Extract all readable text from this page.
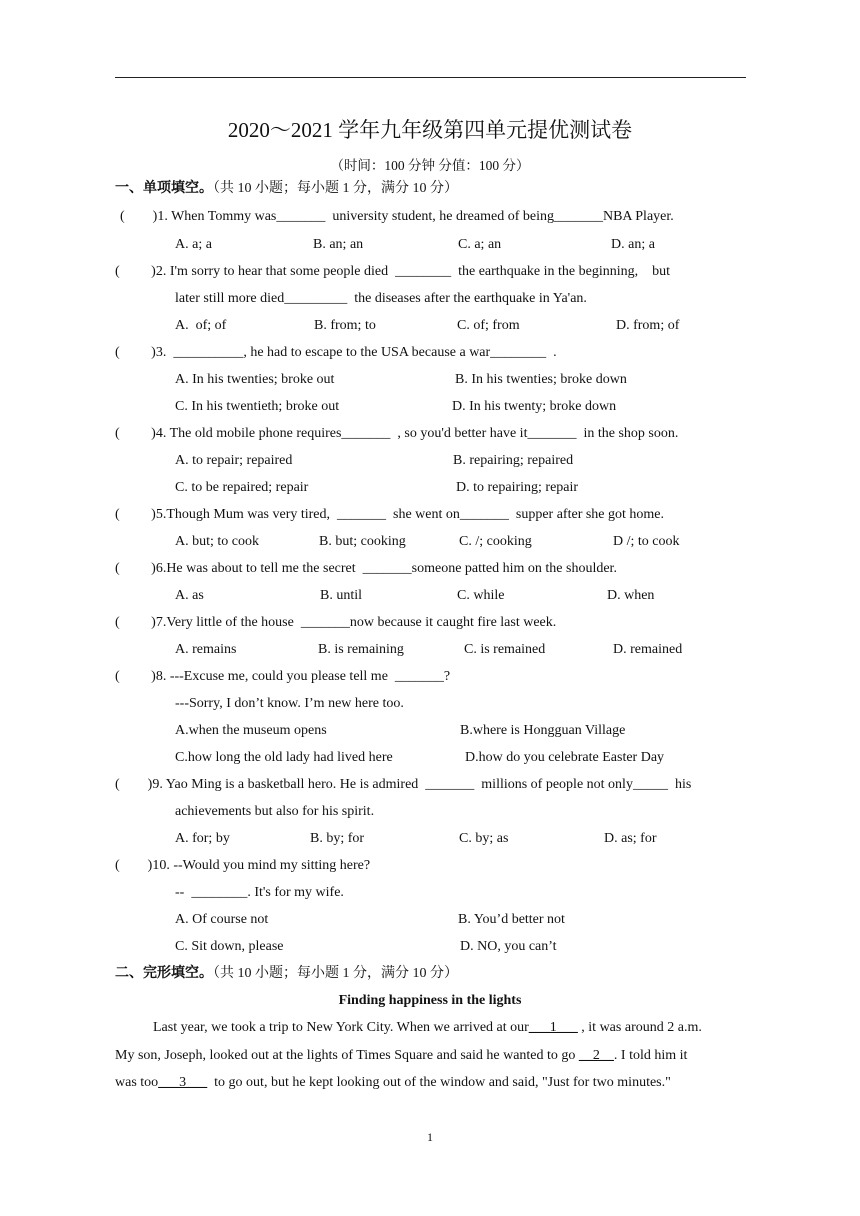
2020～2021 学年九年级第四单元提优测试卷
（时间：100 分钟 分值：100 分）
一、单项填空。（共 10 小题；每小题 1 分，满分 10 分）
(        )1. When Tommy was_______  university student, he dreamed of being_______NBA Player.
A. a; a	B. an; an	C. a; an	D. an; a
(         )2. I'm sorry to hear that some people died  ________  the earthquake in the beginning,    but
later still more died_________  the diseases after the earthquake in Ya'an.
A.  of; of	B. from; to	C. of; from	D. from; of
(         )3.  __________, he had to escape to the USA because a war________  .
A. In his twenties; broke out	B. In his twenties; broke down
C. In his twentieth; broke out	D. In his twenty; broke down
(         )4. The old mobile phone requires_______  , so you'd better have it_______  in the shop soon.
A. to repair; repaired	B. repairing; repaired
C. to be repaired; repair	D. to repairing; repair
(         )5.Though Mum was very tired,  _______  she went on_______  supper after she got home.
A. but; to cook	B. but; cooking	C. /; cooking	D /; to cook
(         )6.He was about to tell me the secret  _______someone patted him on the shoulder.
A. as	B. until	C. while	D. when
(         )7.Very little of the house  _______now because it caught fire last week.
A. remains	B. is remaining	C. is remained	D. remained
(         )8. ---Excuse me, could you please tell me  _______?
---Sorry, I don’t know. I’m new here too.
A.when the museum opens	B.where is Hongguan Village
C.how long the old lady had lived here	D.how do you celebrate Easter Day
(        )9. Yao Ming is a basketball hero. He is admired  _______  millions of people not only_____  his
achievements but also for his spirit.
A. for; by	B. by; for	C. by; as	D. as; for
(        )10. --Would you mind my sitting here?
--  ________. It's for my wife.
A. Of course not	B. You’d better not
C. Sit down, please	D. NO, you can’t
二、完形填空。（共 10 小题；每小题 1 分，满分 10 分）
Finding happiness in the lights
Last year, we took a trip to New York City. When we arrived at our___1___ , it was around 2 a.m.
My son, Joseph, looked out at the lights of Times Square and said he wanted to go __2__. I told him it
was too___3___  to go out, but he kept looking out of the window and said, "Just for two minutes."
1
